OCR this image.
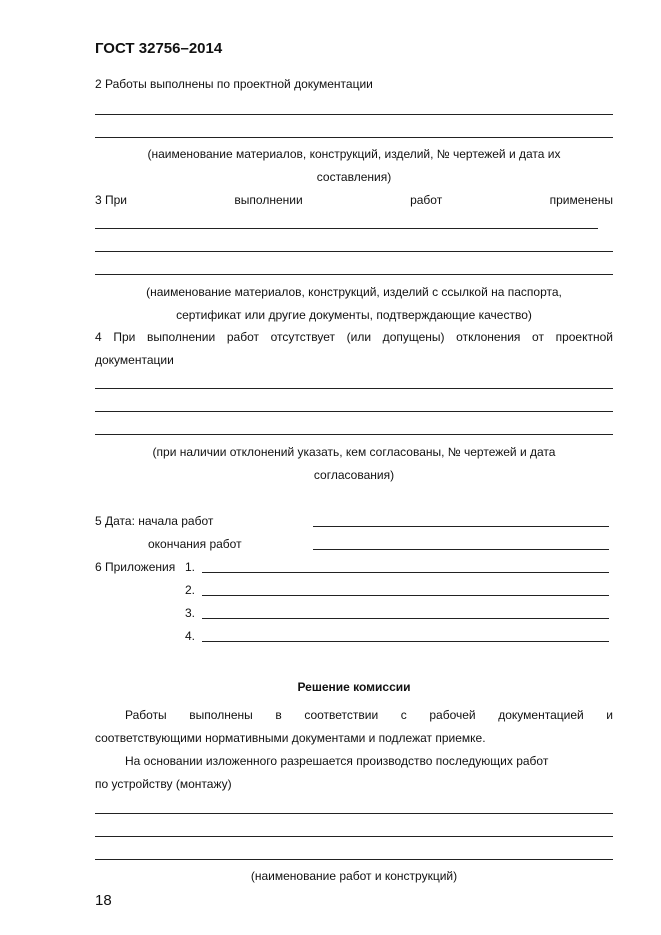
ГОСТ 32756–2014
2 Работы выполнены по проектной документации
(наименование материалов, конструкций, изделий, № чертежей и дата их
составления)
3 При	выполнении	работ	применены
(наименование материалов, конструкций, изделий с ссылкой на паспорта,
сертификат или другие документы, подтверждающие качество)
4 При выполнении работ отсутствует (или допущены) отклонения от проектной
документации
(при наличии отклонений указать, кем согласованы, № чертежей и дата
согласования)
5 Дата: начала работ
окончания работ
6 Приложения 1.
2.
3.
4.
Решение комиссии
Работы выполнены в соответствии с рабочей документацией и
соответствующими нормативными документами и подлежат приемке.
На основании изложенного разрешается производство последующих работ
по устройству (монтажу)
(наименование работ и конструкций)
18
